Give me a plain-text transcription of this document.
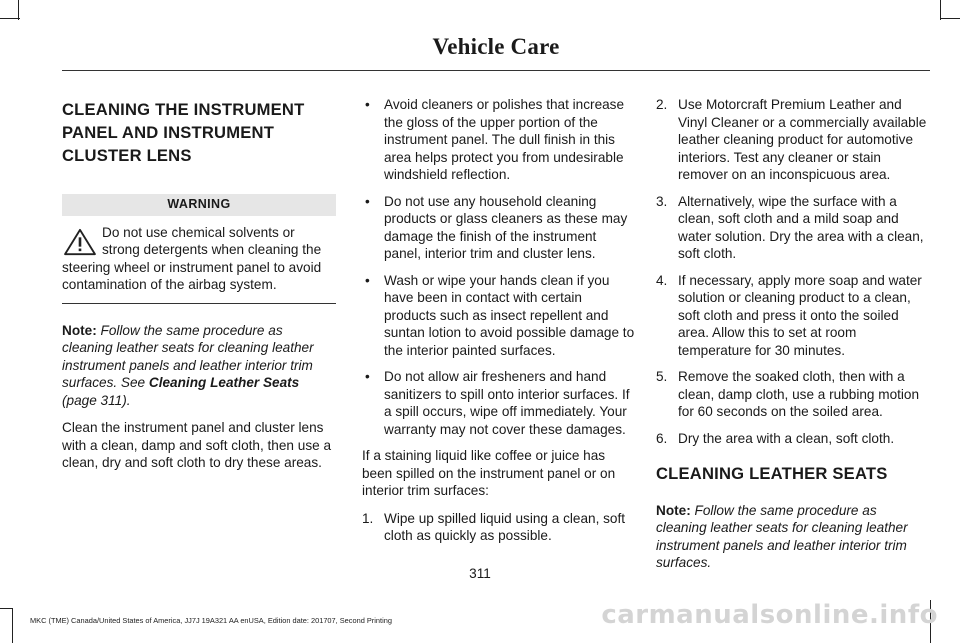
Vehicle Care
CLEANING THE INSTRUMENT
PANEL AND INSTRUMENT
CLUSTER LENS
WARNING
Do not use chemical solvents or strong detergents when cleaning the steering wheel or instrument panel to avoid contamination of the airbag system.

Note: Follow the same procedure as cleaning leather seats for cleaning leather instrument panels and leather interior trim surfaces. See Cleaning Leather Seats (page 311).

Clean the instrument panel and cluster lens with a clean, damp and soft cloth, then use a clean, dry and soft cloth to dry these areas.

• Avoid cleaners or polishes that increase the gloss of the upper portion of the instrument panel. The dull finish in this area helps protect you from undesirable windshield reflection.
• Do not use any household cleaning products or glass cleaners as these may damage the finish of the instrument panel, interior trim and cluster lens.
• Wash or wipe your hands clean if you have been in contact with certain products such as insect repellent and suntan lotion to avoid possible damage to the interior painted surfaces.
• Do not allow air fresheners and hand sanitizers to spill onto interior surfaces. If a spill occurs, wipe off immediately. Your warranty may not cover these damages.

If a staining liquid like coffee or juice has been spilled on the instrument panel or on interior trim surfaces:

1. Wipe up spilled liquid using a clean, soft cloth as quickly as possible.
2. Use Motorcraft Premium Leather and Vinyl Cleaner or a commercially available leather cleaning product for automotive interiors. Test any cleaner or stain remover on an inconspicuous area.
3. Alternatively, wipe the surface with a clean, soft cloth and a mild soap and water solution. Dry the area with a clean, soft cloth.
4. If necessary, apply more soap and water solution or cleaning product to a clean, soft cloth and press it onto the soiled area. Allow this to set at room temperature for 30 minutes.
5. Remove the soaked cloth, then with a clean, damp cloth, use a rubbing motion for 60 seconds on the soiled area.
6. Dry the area with a clean, soft cloth.
CLEANING LEATHER SEATS

Note: Follow the same procedure as cleaning leather seats for cleaning leather instrument panels and leather interior trim surfaces.

311
MKC (TME) Canada/United States of America, JJ7J 19A321 AA enUSA, Edition date: 201707, Second Printing	carmanualsonline.info
